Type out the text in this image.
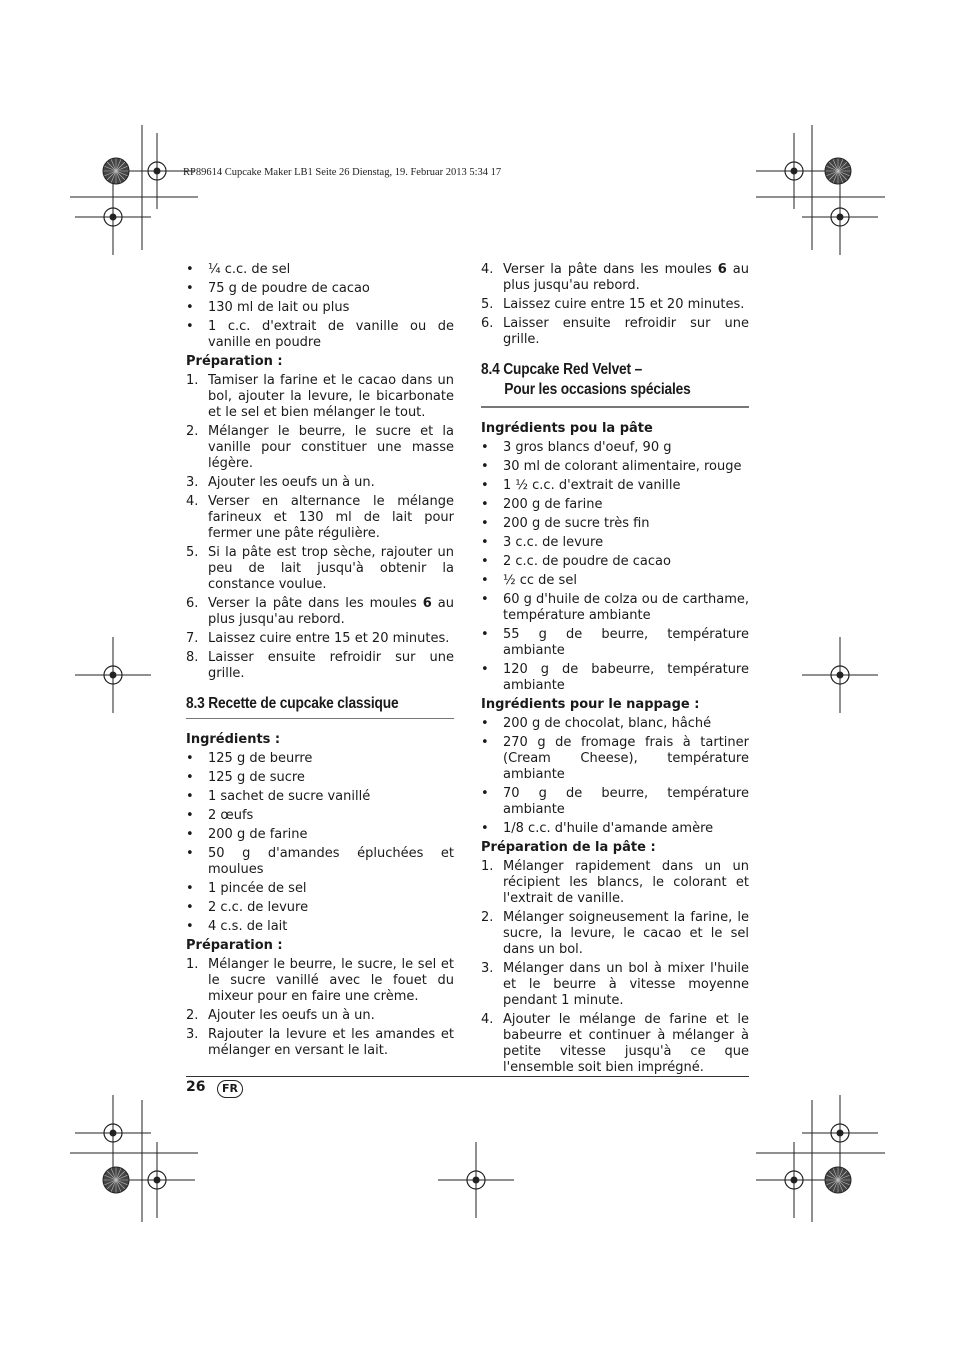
RP89614 Cupcake Maker LB1 Seite 26 Dienstag, 19. Februar 2013 5:34 17
• ¼ c.c. de sel
• 75 g de poudre de cacao
• 130 ml de lait ou plus
• 1 c.c. d'extrait de vanille ou de vanille en poudre
Préparation :
1. Tamiser la farine et le cacao dans un bol, ajouter la levure, le bicarbonate et le sel et bien mélanger le tout.
2. Mélanger le beurre, le sucre et la vanille pour constituer une masse légère.
3. Ajouter les oeufs un à un.
4. Verser en alternance le mélange farineux et 130 ml de lait pour fermer une pâte régulière.
5. Si la pâte est trop sèche, rajouter un peu de lait jusqu'à obtenir la constance voulue.
6. Verser la pâte dans les moules 6 au plus jusqu'au rebord.
7. Laissez cuire entre 15 et 20 minutes.
8. Laisser ensuite refroidir sur une grille.
8.3 Recette de cupcake classique
Ingrédients :
• 125 g de beurre
• 125 g de sucre
• 1 sachet de sucre vanillé
• 2 œufs
• 200 g de farine
• 50 g d'amandes épluchées et moulues
• 1 pincée de sel
• 2 c.c. de levure
• 4 c.s. de lait
Préparation :
1. Mélanger le beurre, le sucre, le sel et le sucre vanillé avec le fouet du mixeur pour en faire une crème.
2. Ajouter les oeufs un à un.
3. Rajouter la levure et les amandes et mélanger en versant le lait.
4. Verser la pâte dans les moules 6 au plus jusqu'au rebord.
5. Laissez cuire entre 15 et 20 minutes.
6. Laisser ensuite refroidir sur une grille.
8.4 Cupcake Red Velvet –
Pour les occasions spéciales
Ingrédients pou la pâte
• 3 gros blancs d'oeuf, 90 g
• 30 ml de colorant alimentaire, rouge
• 1 ½ c.c. d'extrait de vanille
• 200 g de farine
• 200 g de sucre très fin
• 3 c.c. de levure
• 2 c.c. de poudre de cacao
• ½ cc de sel
• 60 g d'huile de colza ou de carthame, température ambiante
• 55 g de beurre, température ambiante
• 120 g de babeurre, température ambiante
Ingrédients pour le nappage :
• 200 g de chocolat, blanc, hâché
• 270 g de fromage frais à tartiner (Cream Cheese), température ambiante
• 70 g de beurre, température ambiante
• 1/8 c.c. d'huile d'amande amère
Préparation de la pâte :
1. Mélanger rapidement dans un un récipient les blancs, le colorant et l'extrait de vanille.
2. Mélanger soigneusement la farine, le sucre, la levure, le cacao et le sel dans un bol.
3. Mélanger dans un bol à mixer l'huile et le beurre à vitesse moyenne pendant 1 minute.
4. Ajouter le mélange de farine et le babeurre et continuer à mélanger à petite vitesse jusqu'à ce que l'ensemble soit bien imprégné.
26	FR
